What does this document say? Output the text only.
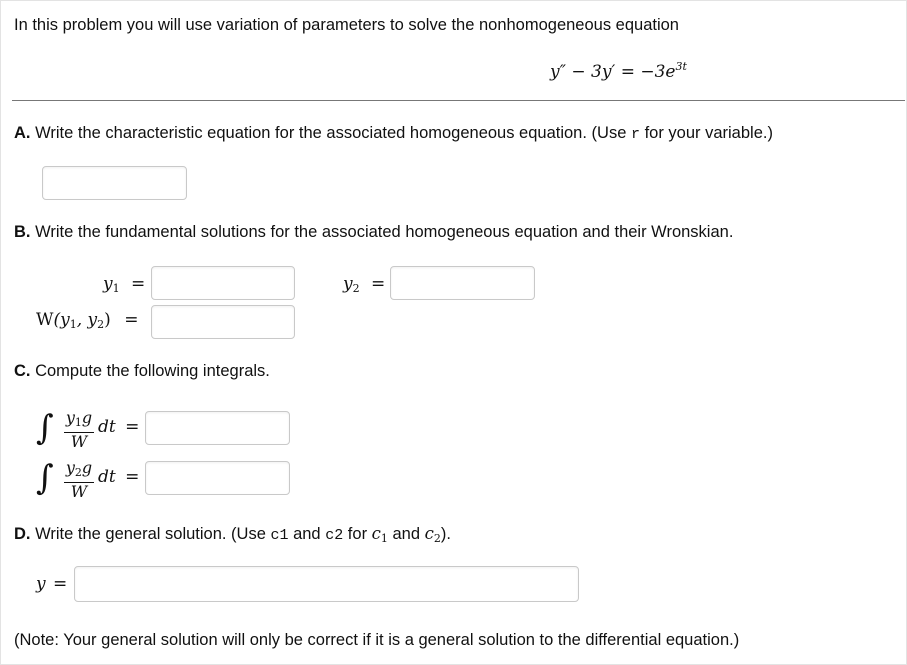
In this problem you will use variation of parameters to solve the nonhomogeneous equation
$y'' - 3y' = -3e^{3t}$
A. Write the characteristic equation for the associated homogeneous equation. (Use r for your variable.)
B. Write the fundamental solutions for the associated homogeneous equation and their Wronskian.
$y_1$ =	$y_2$ =
$W(y_1$, $y_2$) =
C. Compute the following integrals.
∫ $\frac{y_1g}{W}$ dt =
∫ $\frac{y_2g}{W}$ dt =
D. Write the general solution. (Use c1 and c2 for $c_1$ and $c_2$).
y =
(Note: Your general solution will only be correct if it is a general solution to the differential equation.)
